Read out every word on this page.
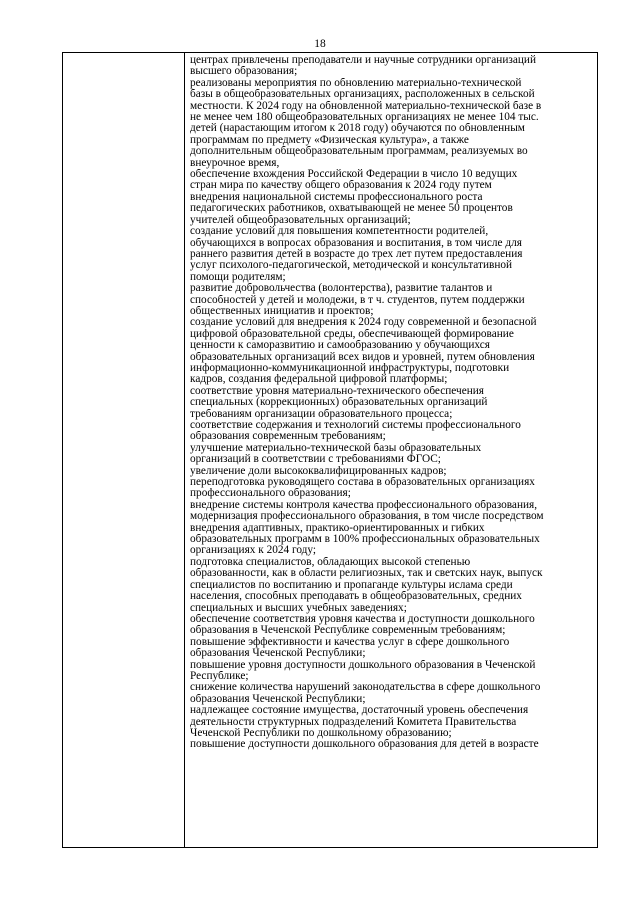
18
центрах привлечены преподаватели и научные сотрудники организаций
высшего образования;
реализованы мероприятия по обновлению материально-технической
базы в общеобразовательных организациях, расположенных в сельской
местности. К 2024 году на обновленной материально-технической базе в
не менее чем 180 общеобразовательных организациях не менее 104 тыс.
детей (нарастающим итогом к 2018 году) обучаются по обновленным
программам по предмету «Физическая культура», а также
дополнительным общеобразовательным программам, реализуемых во
внеурочное время,
обеспечение вхождения Российской Федерации в число 10 ведущих
стран мира по качеству общего образования к 2024 году путем
внедрения национальной системы профессионального роста
педагогических работников, охватывающей не менее 50 процентов
учителей общеобразовательных организаций;
создание условий для повышения компетентности родителей,
обучающихся в вопросах образования и воспитания, в том числе для
раннего развития детей в возрасте до трех лет путем предоставления
услуг психолого-педагогической, методической и консультативной
помощи родителям;
развитие добровольчества (волонтерства), развитие талантов и
способностей у детей и молодежи, в т ч. студентов, путем поддержки
общественных инициатив и проектов;
создание условий для внедрения к 2024 году современной и безопасной
цифровой образовательной среды, обеспечивающей формирование
ценности к саморазвитию и самообразованию у обучающихся
образовательных организаций всех видов и уровней, путем обновления
информационно-коммуникационной инфраструктуры, подготовки
кадров, создания федеральной цифровой платформы;
соответствие уровня материально-технического обеспечения
специальных (коррекционных) образовательных организаций
требованиям организации образовательного процесса;
соответствие содержания и технологий системы профессионального
образования современным требованиям;
улучшение материально-технической базы образовательных
организаций в соответствии с требованиями ФГОС;
увеличение доли высококвалифицированных кадров;
переподготовка руководящего состава в образовательных организациях
профессионального образования;
внедрение системы контроля качества профессионального образования,
модернизация профессионального образования, в том числе посредством
внедрения адаптивных, практико-ориентированных и гибких
образовательных программ в 100% профессиональных образовательных
организациях к 2024 году;
подготовка специалистов, обладающих высокой степенью
образованности, как в области религиозных, так и светских наук, выпуск
специалистов по воспитанию и пропаганде культуры ислама среди
населения, способных преподавать в общеобразовательных, средних
специальных и высших учебных заведениях;
обеспечение соответствия уровня качества и доступности дошкольного
образования в Чеченской Республике современным требованиям;
повышение эффективности и качества услуг в сфере дошкольного
образования Чеченской Республики;
повышение уровня доступности дошкольного образования в Чеченской
Республике;
снижение количества нарушений законодательства в сфере дошкольного
образования Чеченской Республики;
надлежащее состояние имущества, достаточный уровень обеспечения
деятельности структурных подразделений Комитета Правительства
Чеченской Республики по дошкольному образованию;
повышение доступности дошкольного образования для детей в возрасте
